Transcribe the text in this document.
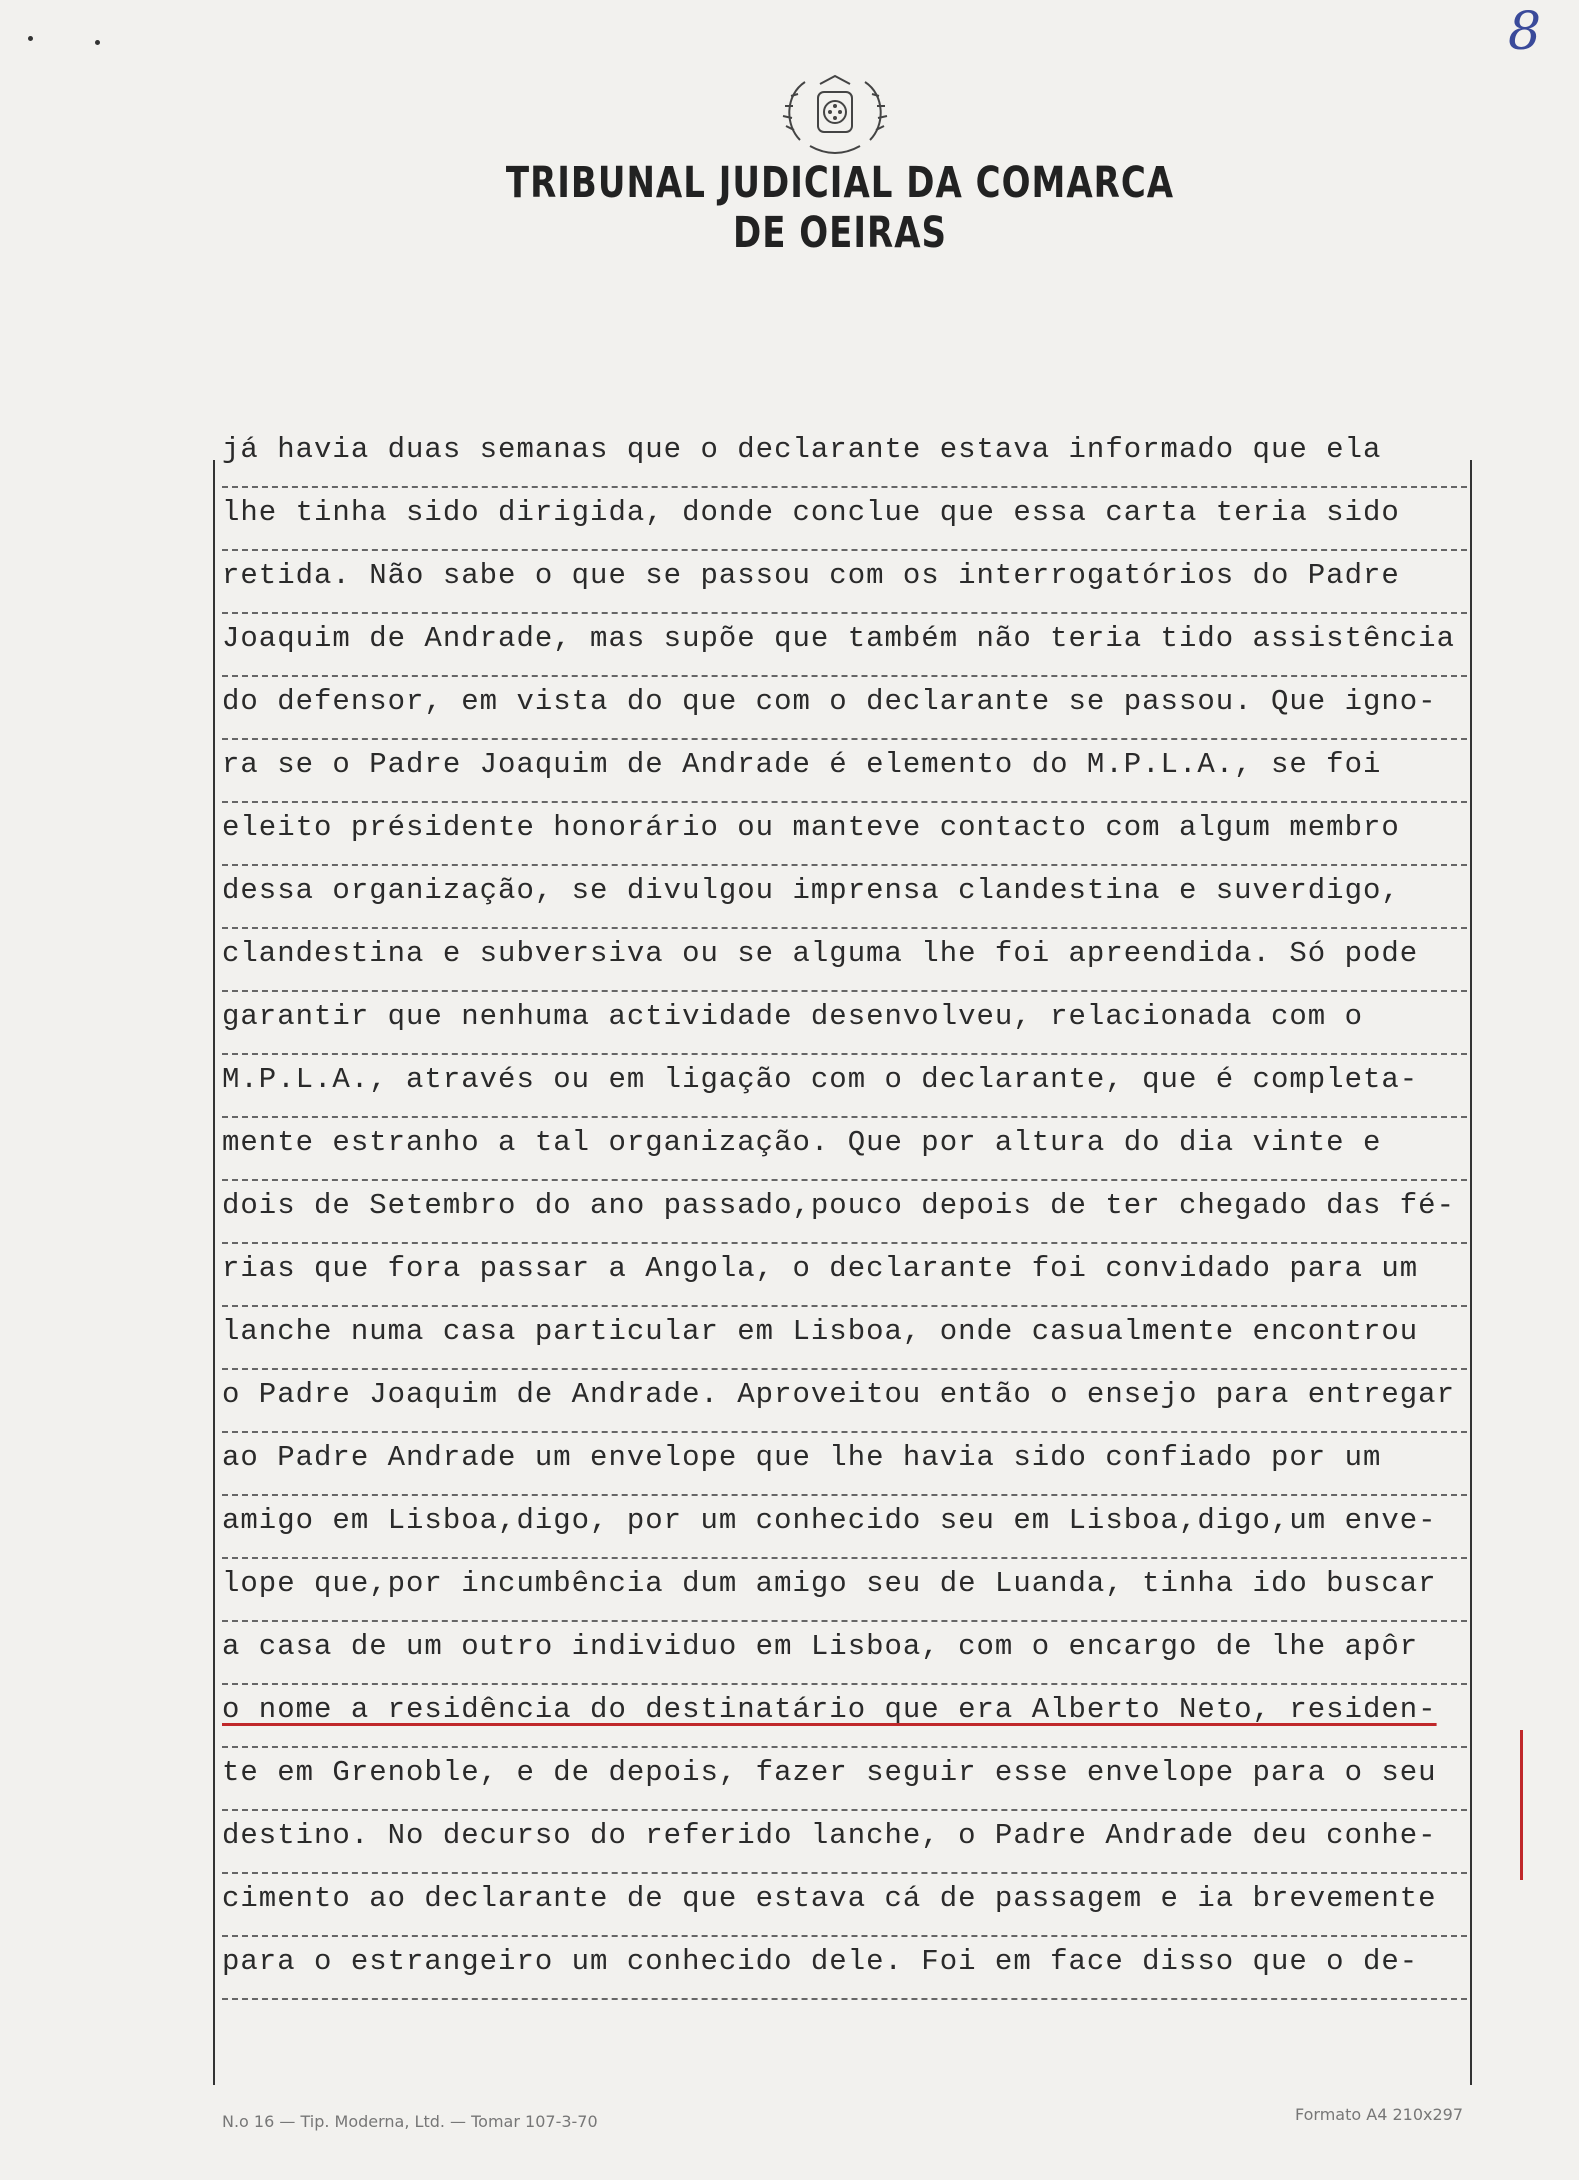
8
TRIBUNAL JUDICIAL DA COMARCA DE OEIRAS

já havia duas semanas que o declarante estava informado que ela

lhe tinha sido dirigida, donde conclue que essa carta teria sido

retida. Não sabe o que se passou com os interrogatórios do Padre

Joaquim de Andrade, mas supõe que também não teria tido assistência

do defensor, em vista do que com o declarante se passou. Que igno-

ra se o Padre Joaquim de Andrade é elemento do M.P.L.A., se foi

eleito présidente honorário ou manteve contacto com algum membro

dessa organização, se divulgou imprensa clandestina e suverdigo,

clandestina e subversiva ou se alguma lhe foi apreendida. Só pode

garantir que nenhuma actividade desenvolveu, relacionada com o

M.P.L.A., através ou em ligação com o declarante, que é completa-

mente estranho a tal organização. Que por altura do dia vinte e

dois de Setembro do ano passado,pouco depois de ter chegado das fé-

rias que fora passar a Angola, o declarante foi convidado para um

lanche numa casa particular em Lisboa, onde casualmente encontrou

o Padre Joaquim de Andrade. Aproveitou então o ensejo para entregar

ao Padre Andrade um envelope que lhe havia sido confiado por um

amigo em Lisboa,digo, por um conhecido seu em Lisboa,digo,um enve-

lope que,por incumbência dum amigo seu de Luanda, tinha ido buscar

a casa de um outro individuo em Lisboa, com o encargo de lhe apôr

o nome a residência do destinatário que era Alberto Neto, residen-

te em Grenoble, e de depois, fazer seguir esse envelope para o seu

destino. No decurso do referido lanche, o Padre Andrade deu conhe-

cimento ao declarante de que estava cá de passagem e ia brevemente

para o estrangeiro um conhecido dele. Foi em face disso que o de-

N.o 16 — Tip. Moderna, Ltd. — Tomar 107-3-70	Formato A4 210x297
